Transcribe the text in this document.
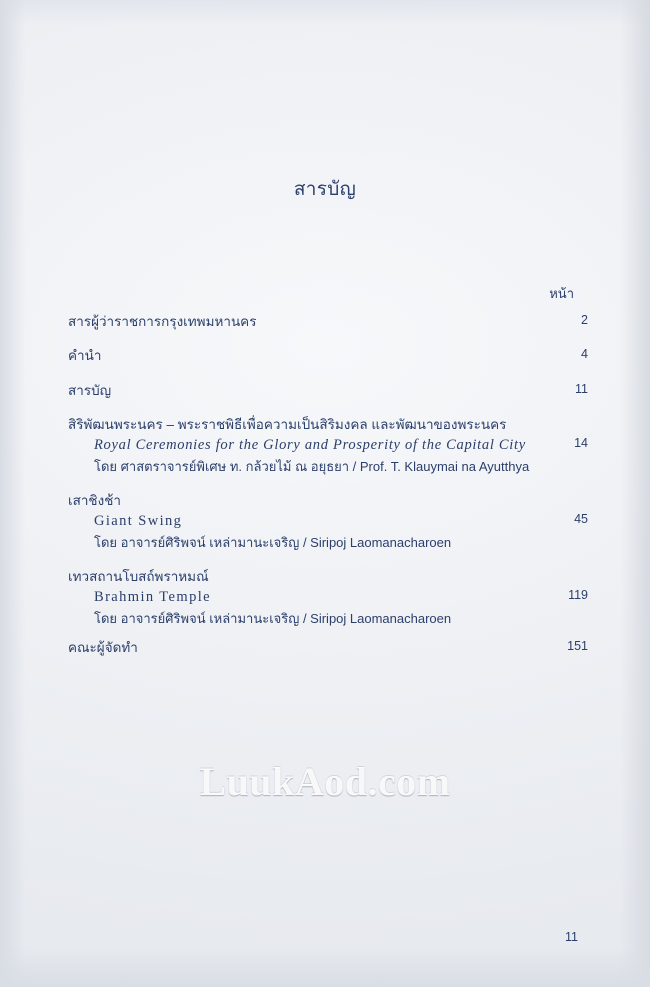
สารบัญ
หน้า
สารผู้ว่าราชการกรุงเทพมหานคร	2
คำนำ	4
สารบัญ	11
สิริพัฒนพระนคร – พระราชพิธีเพื่อความเป็นสิริมงคล และพัฒนาของพระนคร
Royal Ceremonies for the Glory and Prosperity of the Capital City	14
โดย ศาสตราจารย์พิเศษ ท. กล้วยไม้ ณ อยุธยา / Prof. T. Klauymai na Ayutthya
เสาชิงช้า
Giant Swing	45
โดย อาจารย์ศิริพจน์ เหล่ามานะเจริญ / Siripoj Laomanacharoen
เทวสถานโบสถ์พราหมณ์
Brahmin Temple	119
โดย อาจารย์ศิริพจน์ เหล่ามานะเจริญ / Siripoj Laomanacharoen
คณะผู้จัดทำ	151
LuukAod.com
11
